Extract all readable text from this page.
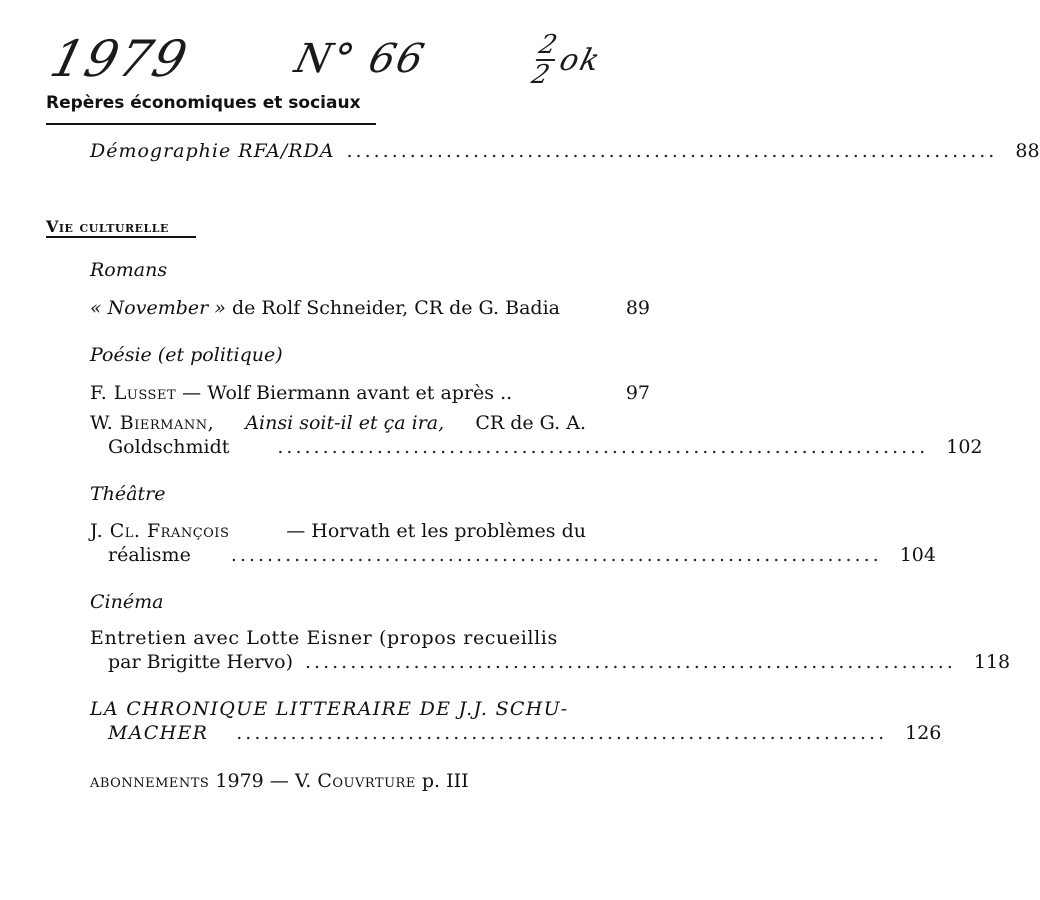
1979 N° 66	$\frac{2}{2}ok$
Repères économiques et sociaux
Démographie RFA/RDA ........................................................................ 88
Vie culturelle
Romans
« November » de Rolf Schneider, CR de G. Badia	89
Poésie (et politique)
F. Lusset — Wolf Biermann avant et après ..	97
W. Biermann, Ainsi soit-il et ça ira, CR de G. A.
Goldschmidt	........................................................................ 102
Théâtre
J. Cl. François	— Horvath et les problèmes du
réalisme ........................................................................ 104
Cinéma
Entretien avec Lotte Eisner (propos recueillis
par Brigitte Hervo) ........................................................................ 118
LA CHRONIQUE LITTERAIRE DE J.J. SCHU-
MACHER ........................................................................ 126
abonnements 1979 — V. Couvrture p. III
